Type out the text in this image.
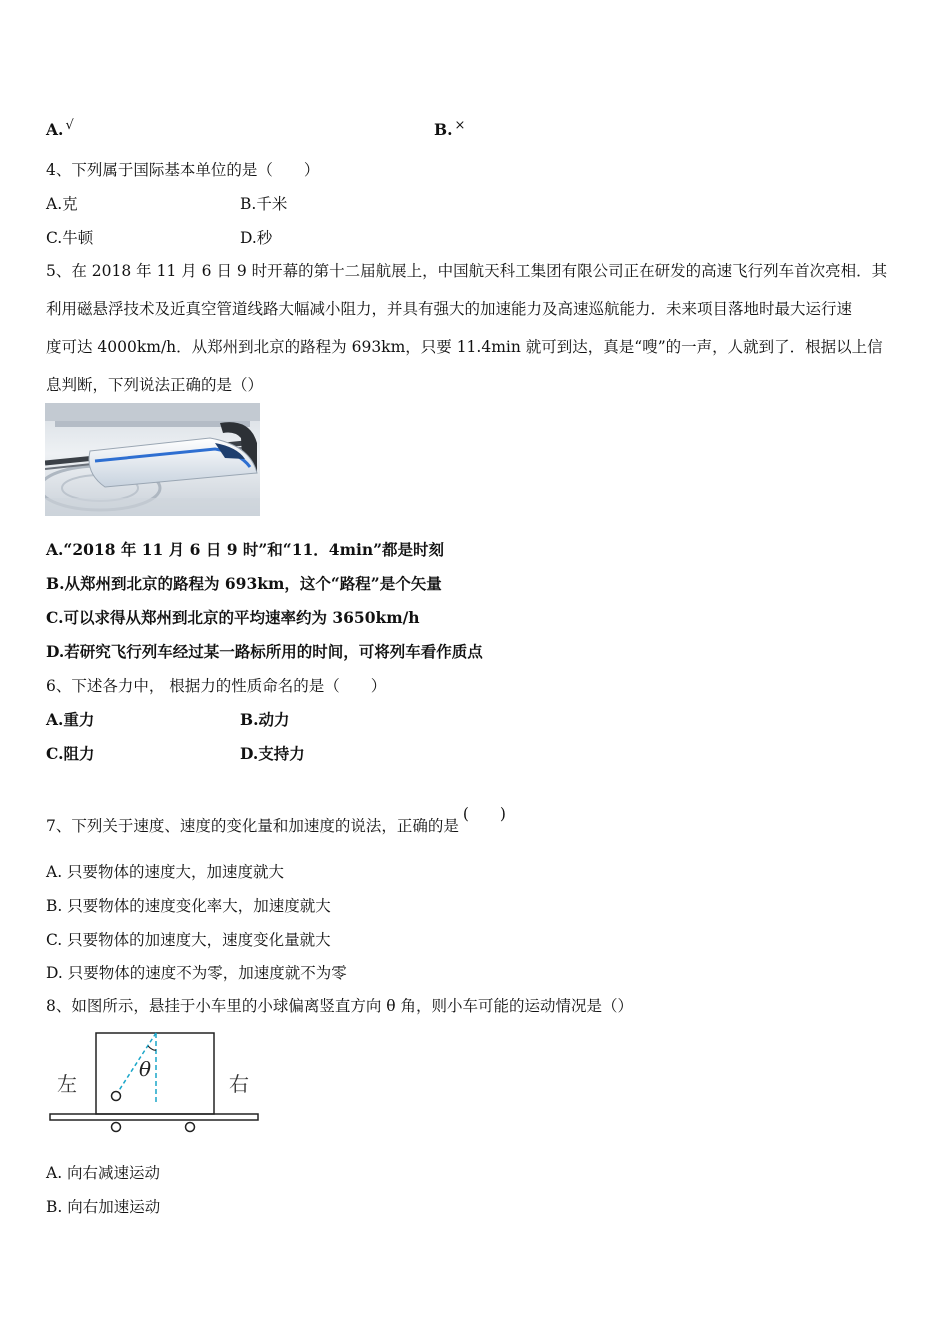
A. √	B. ×
4、下列属于国际基本单位的是（　　）
A.克	B.千米
C.牛顿	D.秒
5、在 2018 年 11 月 6 日 9 时开幕的第十二届航展上，中国航天科工集团有限公司正在研发的高速飞行列车首次亮相．其
利用磁悬浮技术及近真空管道线路大幅减小阻力，并具有强大的加速能力及高速巡航能力．未来项目落地时最大运行速
度可达 4000km/h．从郑州到北京的路程为 693km，只要 11.4min 就可到达，真是“嗖”的一声，人就到了．根据以上信
息判断，下列说法正确的是（）
A.“2018 年 11 月 6 日 9 时”和“11．4min”都是时刻
B.从郑州到北京的路程为 693km，这个“路程”是个矢量
C.可以求得从郑州到北京的平均速率约为 3650km/h
D.若研究飞行列车经过某一路标所用的时间，可将列车看作质点
6、下述各力中， 根据力的性质命名的是（　　）
A.重力	B.动力
C.阻力	D.支持力
7、下列关于速度、速度的变化量和加速度的说法，正确的是(　　)
A. 只要物体的速度大，加速度就大
B. 只要物体的速度变化率大，加速度就大
C. 只要物体的加速度大，速度变化量就大
D. 只要物体的速度不为零，加速度就不为零
8、如图所示，悬挂于小车里的小球偏离竖直方向 θ 角，则小车可能的运动情况是（）
θ
左	右
A. 向右减速运动
B. 向右加速运动
